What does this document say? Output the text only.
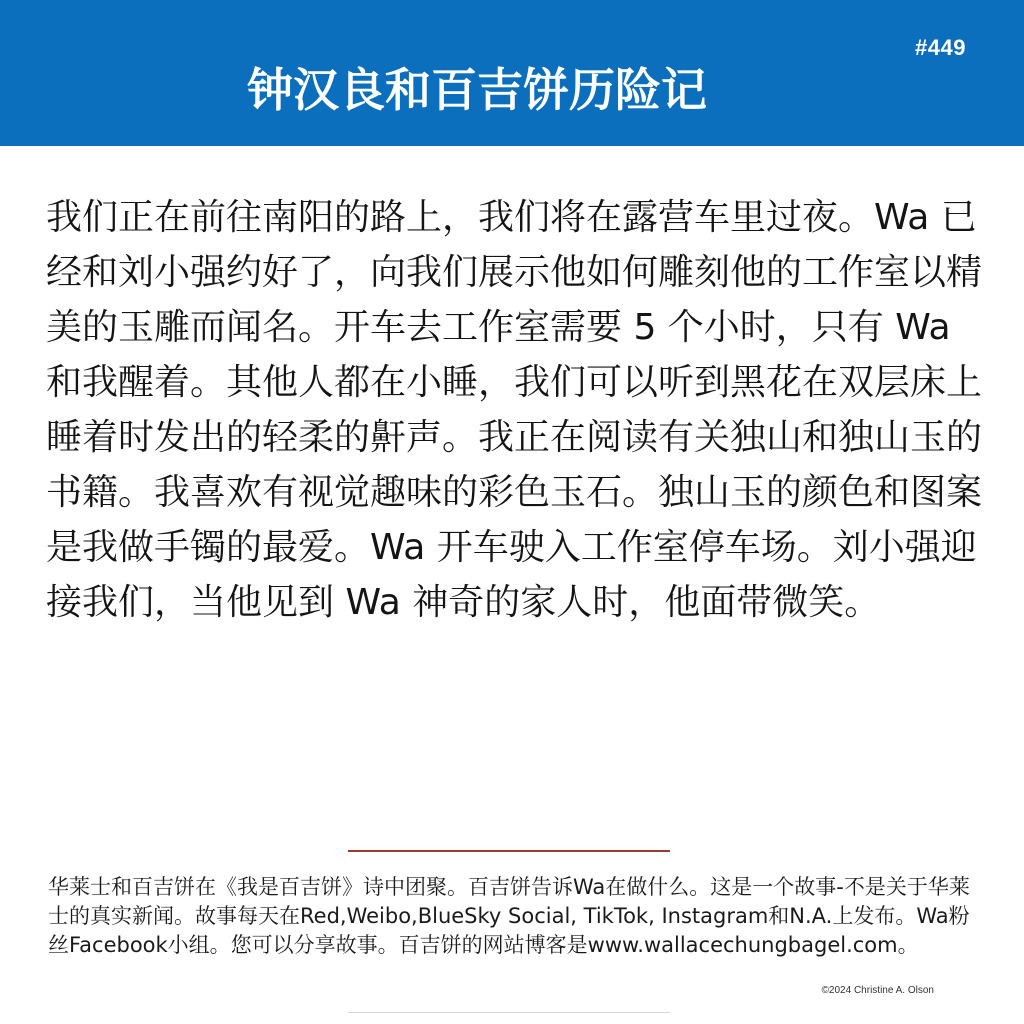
#449
钟汉良和百吉饼历险记

我们正在前往南阳的路上，我们将在露营车里过夜。Wa 已经和刘小强约好了，向我们展示他如何雕刻他的工作室以精美的玉雕而闻名。开车去工作室需要 5 个小时，只有 Wa 和我醒着。其他人都在小睡，我们可以听到黑花在双层床上睡着时发出的轻柔的鼾声。我正在阅读有关独山和独山玉的书籍。我喜欢有视觉趣味的彩色玉石。独山玉的颜色和图案是我做手镯的最爱。Wa 开车驶入工作室停车场。刘小强迎接我们，当他见到 Wa 神奇的家人时，他面带微笑。

华莱士和百吉饼在《我是百吉饼》诗中团聚。百吉饼告诉Wa在做什么。这是一个故事-不是关于华莱士的真实新闻。故事每天在Red,Weibo,BlueSky Social, TikTok, Instagram和N.A.上发布。Wa粉丝Facebook小组。您可以分享故事。百吉饼的网站博客是www.wallacechungbagel.com。

©2024 Christine A. Olson
